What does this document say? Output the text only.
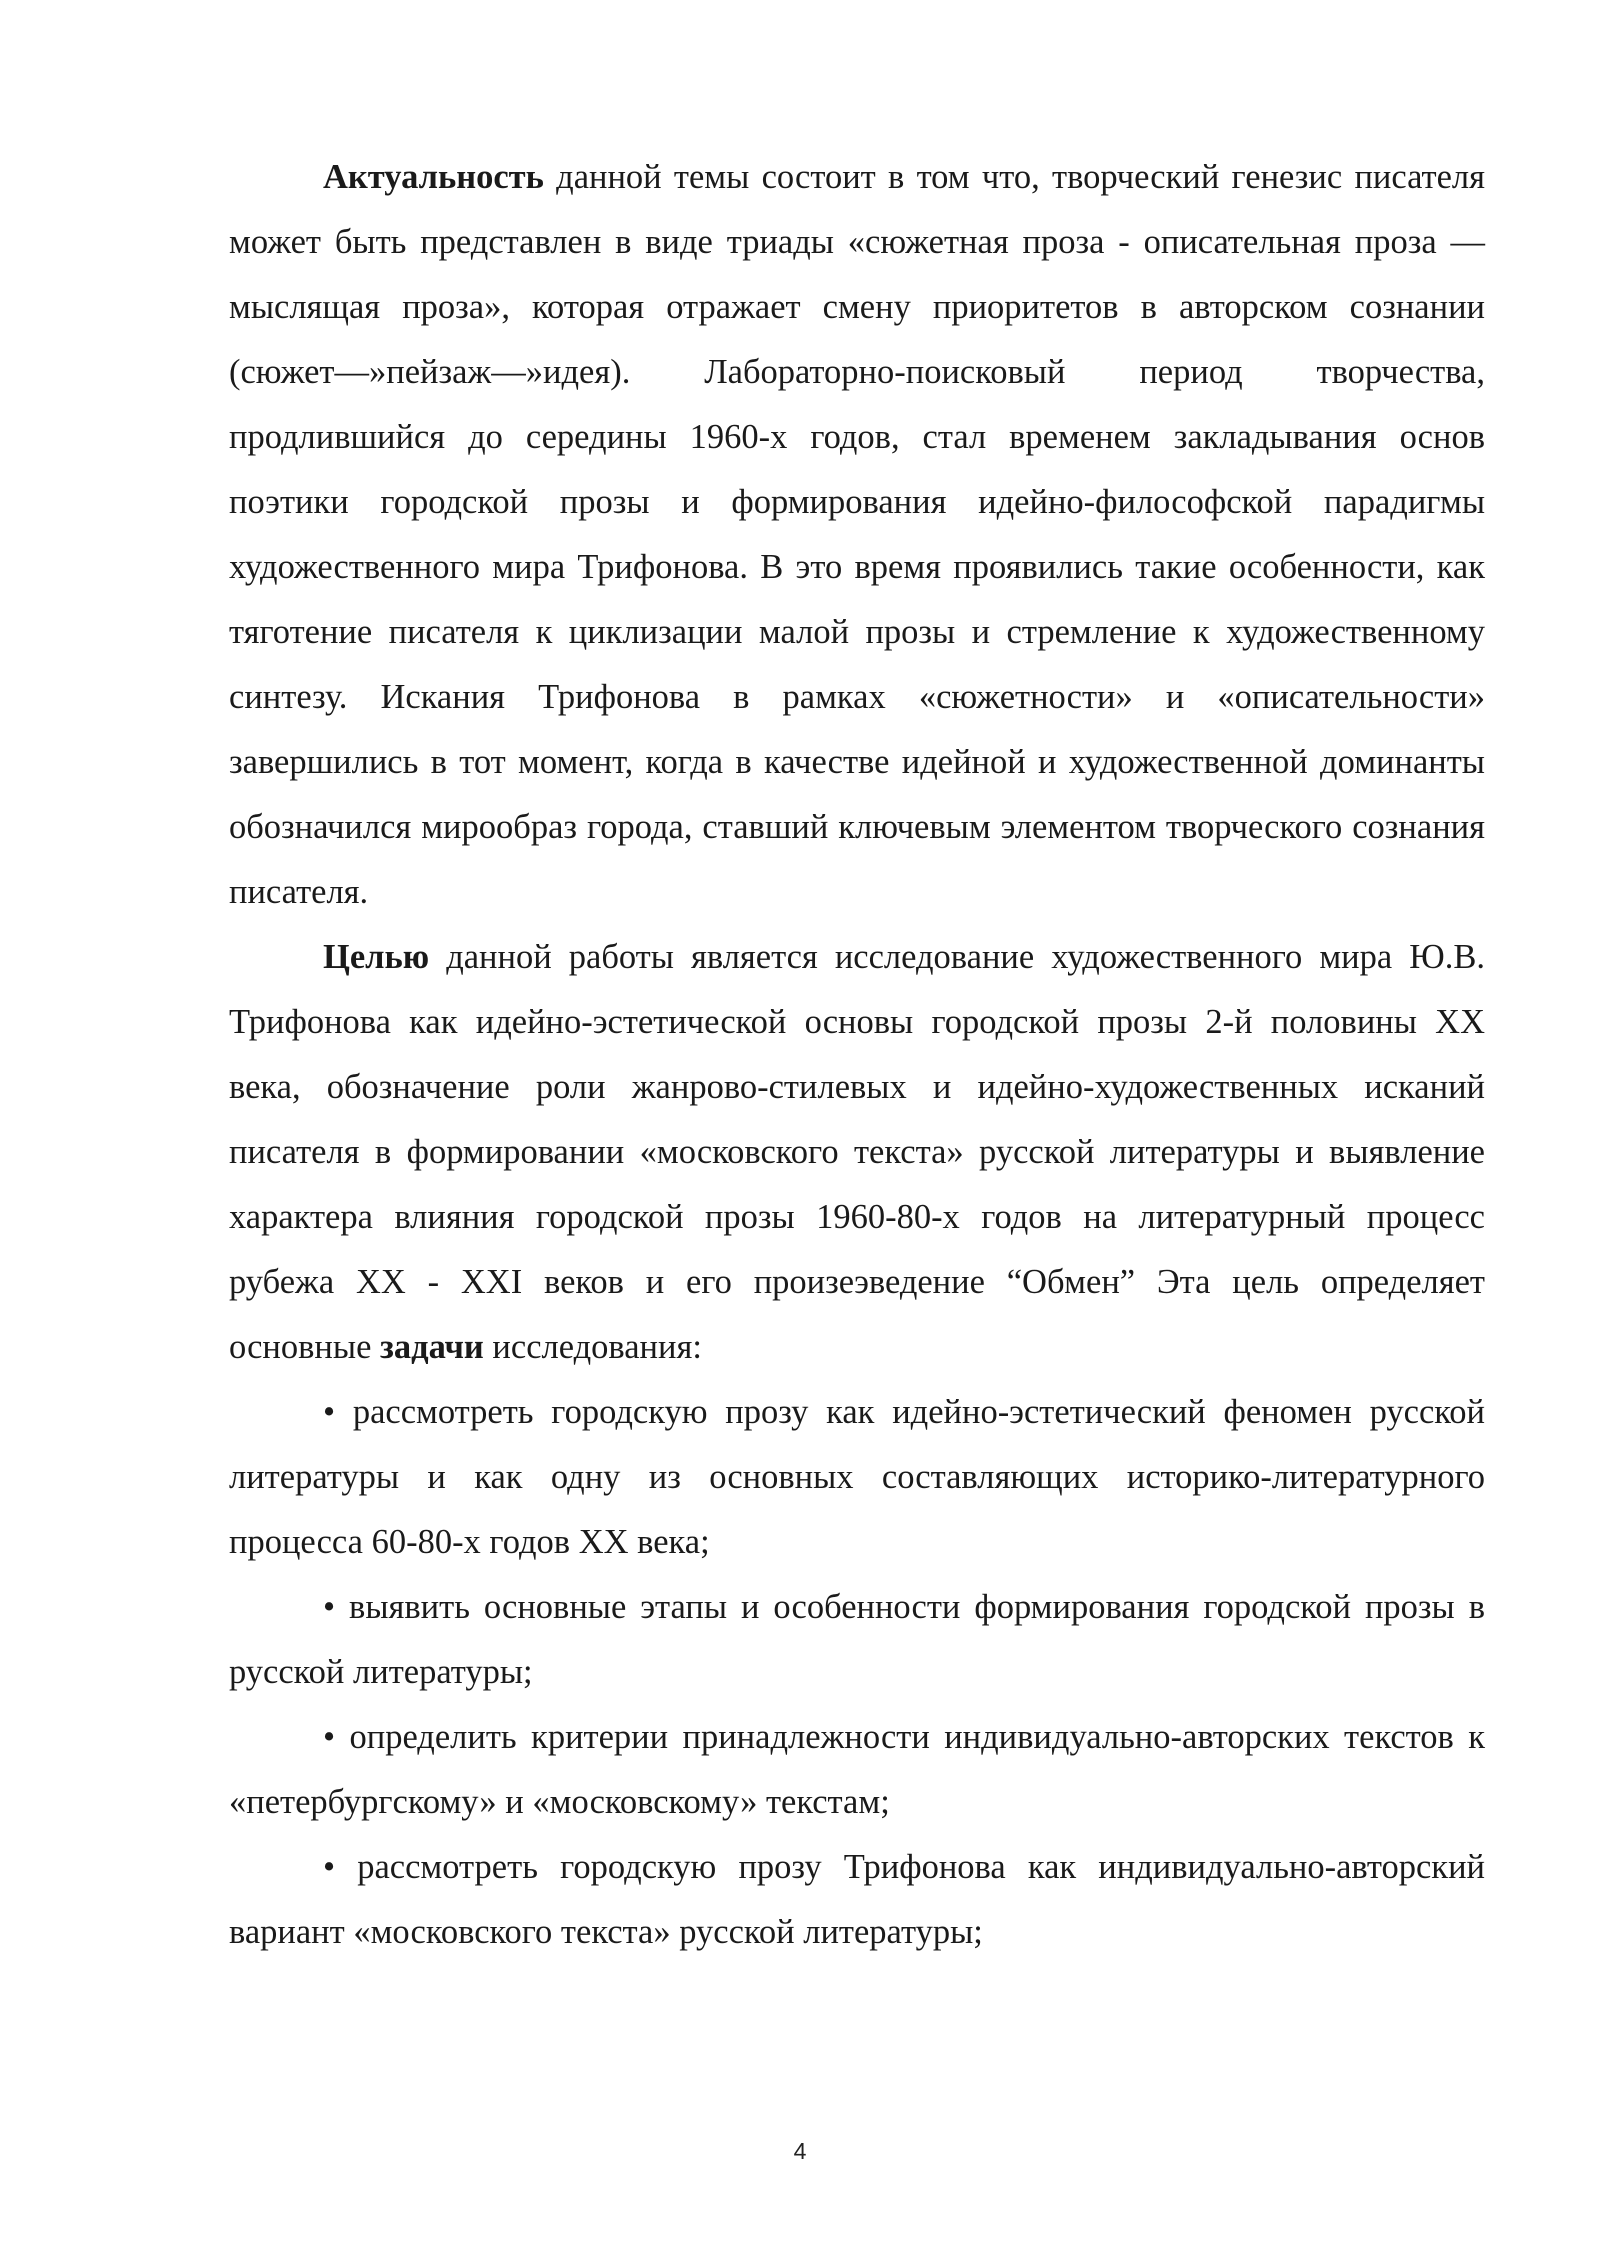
Актуальность данной темы состоит в том что, творческий генезис писателя может быть представлен в виде триады «сюжетная проза - описательная проза — мыслящая проза», которая отражает смену приоритетов в авторском сознании (сюжет—»пейзаж—»идея). Лабораторно-поисковый период творчества, продлившийся до середины 1960-х годов, стал временем закладывания основ поэтики городской прозы и формирования идейно-философской парадигмы художественного мира Трифонова. В это время проявились такие особенности, как тяготение писателя к циклизации малой прозы и стремление к художественному синтезу. Искания Трифонова в рамках «сюжетности» и «описательности» завершились в тот момент, когда в качестве идейной и художественной доминанты обозначился мирообраз города, ставший ключевым элементом творческого сознания писателя.

Целью данной работы является исследование художественного мира Ю.В. Трифонова как идейно-эстетической основы городской прозы 2-й половины XX века, обозначение роли жанрово-стилевых и идейно-художественных исканий писателя в формировании «московского текста» русской литературы и выявление характера влияния городской прозы 1960-80-х годов на литературный процесс рубежа XX - XXI веков и его произеэведение “Обмен” Эта цель определяет основные задачи исследования:

• рассмотреть городскую прозу как идейно-эстетический феномен русской литературы и как одну из основных составляющих историко-литературного процесса 60-80-х годов XX века;

• выявить основные этапы и особенности формирования городской прозы в русской литературы;

• определить критерии принадлежности индивидуально-авторских текстов к «петербургскому» и «московскому» текстам;

• рассмотреть городскую прозу Трифонова как индивидуально-авторский вариант «московского текста» русской литературы;

4
